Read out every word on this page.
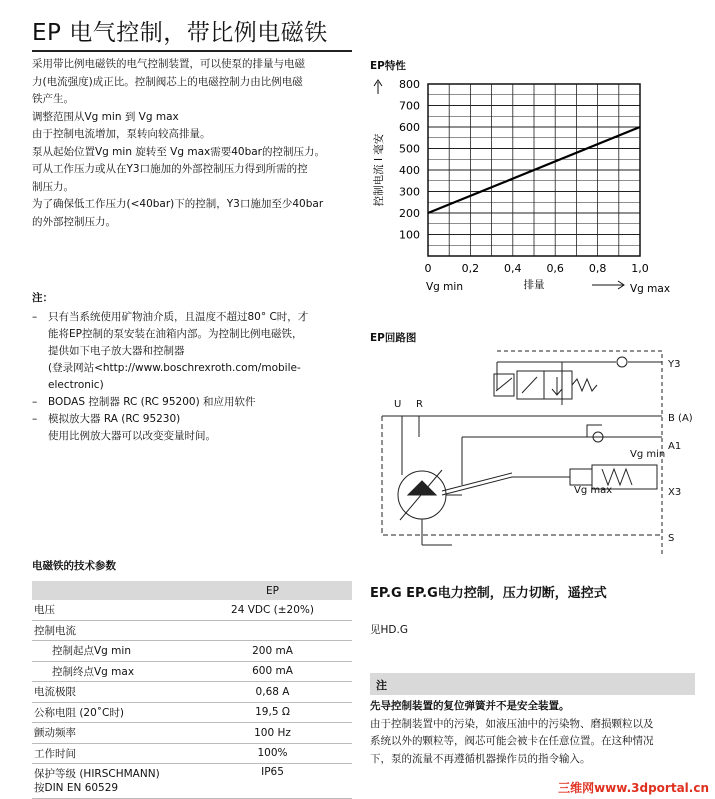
EP 电气控制，带比例电磁铁
采用带比例电磁铁的电气控制装置，可以使泵的排量与电磁
力(电流强度)成正比。控制阀芯上的电磁控制力由比例电磁
铁产生。
调整范围从Vg min 到 Vg max
由于控制电流增加，泵转向较高排量。
泵从起始位置Vg min 旋转至 Vg max需要40bar的控制压力。
可从工作压力或从在Y3口施加的外部控制压力得到所需的控
制压力。
为了确保低工作压力(<40bar)下的控制，Y3口施加至少40bar
的外部控制压力。
注：
– 只有当系统使用矿物油介质，且温度不超过80° C时，才
能将EP控制的泵安装在油箱内部。为控制比例电磁铁，
提供如下电子放大器和控制器
(登录网站<http://www.boschrexroth.com/mobile-
electronic)
– BODAS 控制器 RC (RC 95200) 和应用软件
– 模拟放大器 RA (RC 95230)
使用比例放大器可以改变变量时间。
电磁铁的技术参数
	EP
电压	24 VDC (±20%)
控制电流	
控制起点Vg min	200 mA
控制终点Vg max	600 mA
电流极限	0,68 A
公称电阻 (20˚C时)	19,5 Ω
颤动频率	100 Hz
工作时间	100%

保护等级 (HIRSCHMANN)
按DIN EN 60529	IP65
EP特性
100
200
300
400
500
600
700
800
0	0,2 0,4 0,6 0,8 1,0
控制电流 I 毫安
Vg min	排量	Vg max
EP回路图
Y3
U R
B (A)
A1
X3
S
Vg min
Vg max
EP.G EP.G电力控制，压力切断，遥控式
见HD.G
注
先导控制装置的复位弹簧并不是安全装置。
由于控制装置中的污染，如液压油中的污染物、磨损颗粒以及
系统以外的颗粒等，阀芯可能会被卡在任意位置。在这种情况
下，泵的流量不再遵循机器操作员的指令输入。
三维网www.3dportal.cn
